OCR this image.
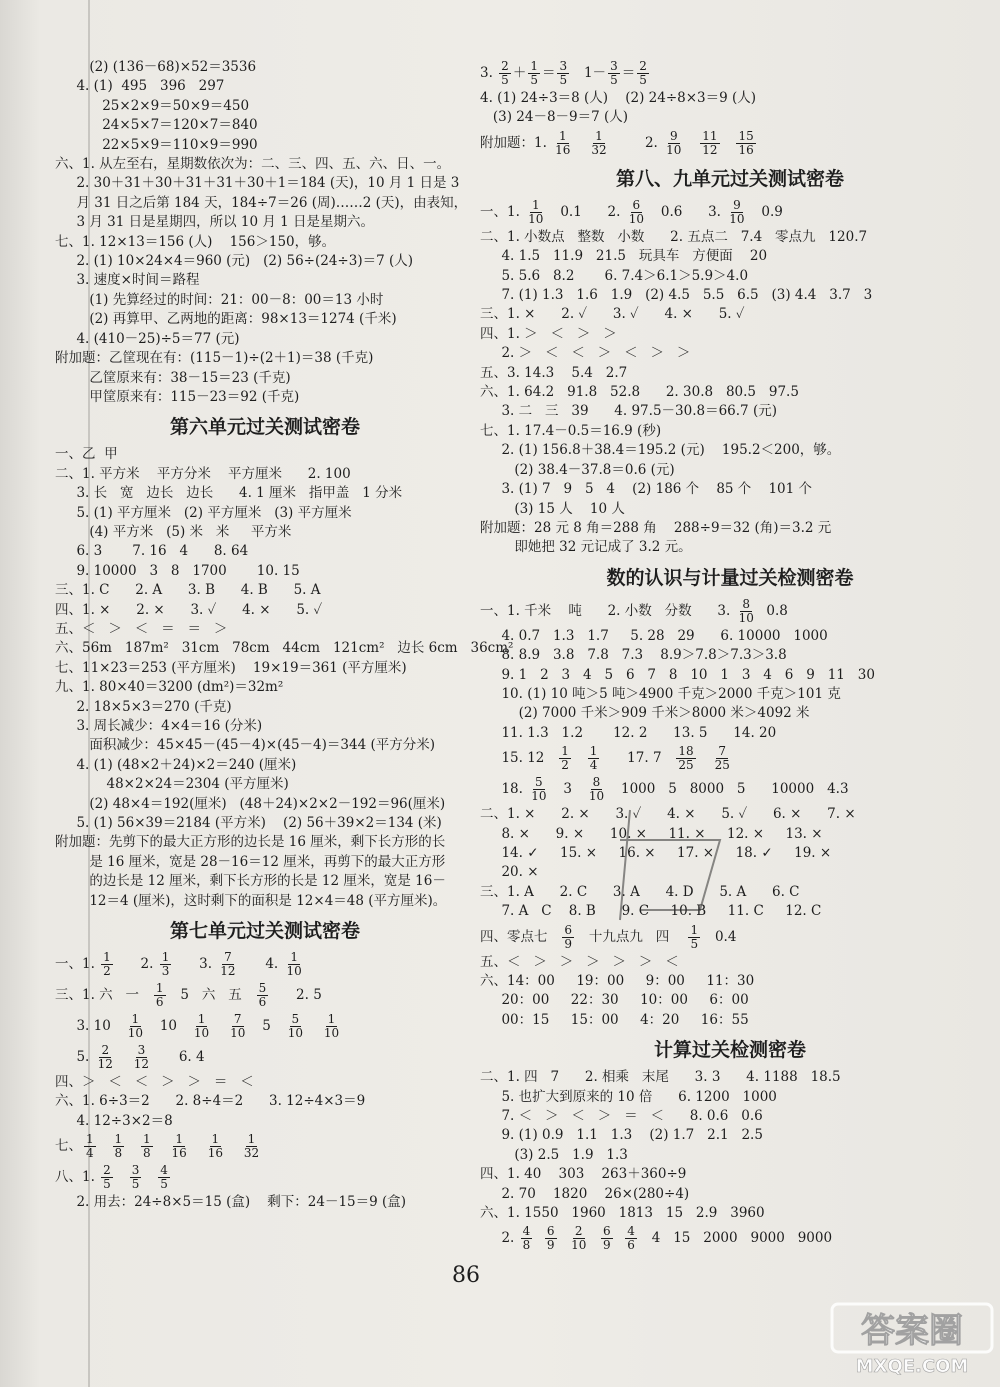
(2) (136－68)×52＝3536
4. (1)  495   396   297
25×2×9＝50×9＝450
24×5×7＝120×7＝840
22×5×9＝110×9＝990
六、1. 从左至右，星期数依次为：二、三、四、五、六、日、一。
2. 30＋31＋30＋31＋31＋30＋1＝184 (天)，10 月 1 日是 3
月 31 日之后第 184 天，184÷7＝26 (周)……2 (天)，由表知，
3 月 31 日是星期四，所以 10 月 1 日是星期六。
七、1. 12×13＝156 (人)    156＞150，够。
2. (1) 10×24×4＝960 (元)   (2) 56÷(24÷3)＝7 (人)
3. 速度×时间＝路程
(1) 先算经过的时间：21：00－8：00＝13 小时
(2) 再算甲、乙两地的距离：98×13＝1274 (千米)
4. (410－25)÷5＝77 (元)
附加题：乙筐现在有：(115－1)÷(2＋1)＝38 (千克)
乙筐原来有：38－15＝23 (千克)
甲筐原来有：115－23＝92 (千克)
第六单元过关测试密卷
一、乙  甲
二、1. 平方米    平方分米    平方厘米      2. 100
3. 长   宽   边长   边长      4. 1 厘米   指甲盖   1 分米
5. (1) 平方厘米   (2) 平方厘米   (3) 平方厘米
(4) 平方米   (5) 米   米     平方米
6. 3       7. 16   4      8. 64
9. 10000   3   8   1700       10. 15
三、1. C      2. A      3. B      4. B      5. A
四、1. ×      2. ×      3. ✓      4. ×      5. ✓
五、＜   ＞   ＜   ＝   ＝   ＞
六、56m   187m²   31cm   78cm   44cm   121cm²   边长 6cm   36cm²
七、11×23＝253 (平方厘米)    19×19＝361 (平方厘米)
九、1. 80×40＝3200 (dm²)＝32m²
2. 18×5×3＝270 (千克)
3. 周长减少：4×4＝16 (分米)
面积减少：45×45－(45－4)×(45－4)＝344 (平方分米)
4. (1) (48×2＋24)×2＝240 (厘米)
48×2×24＝2304 (平方厘米)
(2) 48×4＝192(厘米)   (48＋24)×2×2－192＝96(厘米)
5. (1) 56×39＝2184 (平方米)    (2) 56＋39×2＝134 (米)
附加题：先剪下的最大正方形的边长是 16 厘米，剩下长方形的长
是 16 厘米，宽是 28－16＝12 厘米，再剪下的最大正方形
的边长是 12 厘米，剩下长方形的长是 12 厘米，宽是 16－
12＝4 (厘米)，这时剩下的面积是 12×4＝48 (平方厘米)。
第七单元过关测试密卷
一、1. $\frac{1}{2} 2$. $\frac{1}{3} 3$. $\frac{7}{12} 4$. $\frac{1}{10}$
三、1. 六   一 $\frac{1}{6} 5$   六   五 $\frac{5}{6} 2$. 5
3. $10 \frac{1}{10} 10 \frac{1}{10}$
$\frac{7}{10} 5 \frac{5}{10}$
$\frac{1}{10}$
5. $\frac{2}{12}$
$\frac{3}{12} 6$. 4
四、＞   ＜   ＜   ＞   ＞   ＝   ＜
六、1. 6÷3＝2      2. 8÷4＝2      3. 12÷4×3＝9
4. 12÷3×2＝8
七、 $\frac{1}{4}$
$\frac{1}{8}$
$\frac{1}{8}$
$\frac{1}{16}$
$\frac{1}{16}$
$\frac{1}{32}$
八、1. $\frac{2}{5}$
$\frac{3}{5}$
$\frac{4}{5}$
2. 用去：24÷8×5＝15 (盒)    剩下：24－15＝9 (盒)
3. $\frac{2}{5} + \frac{1}{5} = \frac{3}{5} 1- \frac{3}{5} = \frac{2}{5}$
4. (1) 24÷3＝8 (人)    (2) 24÷8×3＝9 (人)
(3) 24－8－9＝7 (人)
附加题：1. $\frac{1}{16}$
$\frac{1}{32} 2$. $\frac{9}{10}$
$\frac{11}{12}$
$\frac{15}{16}$
第八、九单元过关测试密卷
一、1. $\frac{1}{10} 0.1$      2. $\frac{6}{10} 0.6$      3. $\frac{9}{10} 0.9$
二、1. 小数点   整数   小数      2. 五点二   7.4   零点九   120.7
4. 1.5   11.9   21.5   玩具车   方便面    20
5. 5.6   8.2       6. 7.4＞6.1＞5.9＞4.0
7. (1) 1.3   1.6   1.9   (2) 4.5   5.5   6.5   (3) 4.4   3.7   3
三、1. ×      2. ✓      3. ✓      4. ×      5. ✓
四、1. ＞   ＜   ＞   ＞
2. ＞   ＜   ＜   ＞   ＜   ＞   ＞
五、3. 14.3    5.4   2.7
六、1. 64.2   91.8   52.8      2. 30.8   80.5   97.5
3. 二   三   39      4. 97.5－30.8＝66.7 (元)
七、1. 17.4－0.5＝16.9 (秒)
2. (1) 156.8＋38.4＝195.2 (元)    195.2＜200，够。
(2) 38.4－37.8＝0.6 (元)
3. (1) 7   9   5   4    (2) 186 个    85 个    101 个
(3) 15 人    10 人
附加题：28 元 8 角＝288 角    288÷9＝32 (角)＝3.2 元
即她把 32 元记成了 3.2 元。
数的认识与计量过关检测密卷
一、1. 千米    吨      2. 小数   分数      3. $\frac{8}{10} 0.8$
4. 0.7   1.3   1.7     5. 28   29      6. 10000   1000
8. 8.9   3.8   7.8   7.3    8.9＞7.8＞7.3＞3.8
9. 1   2   3   4   5   6   7   8   10   1   3   4   6   9   11   30
10. (1) 10 吨＞5 吨＞4900 千克＞2000 千克＞101 克
(2) 7000 千米＞909 千米＞8000 米＞4092 米
11. 1.3   1.2       12. 2      13. 5      14. 20
15. $12 \frac{1}{2}$
$\frac{1}{4} 17$. $7 \frac{18}{25}$
$\frac{7}{25}$
18. $\frac{5}{10} 3 \frac{8}{10} 1000$   5   8000   5      10000   4.3
二、1. ×      2. ×      3. ✓      4. ×      5. ✓      6. ×      7. ×
8. ×      9. ×      10. ×     11. ×     12. ×     13. ×
14. ✓     15. ×     16. ×     17. ×     18. ✓     19. ×
20. ×
三、1. A      2. C      3. A      4. D      5. A      6. C
7. A   C    8. B      9. C     10. B     11. C     12. C
四、零点七 $\frac{6}{9}$ 十九点九   四 $\frac{1}{5} 0.4$
五、＜   ＞   ＞   ＞   ＞   ＞   ＜
六、14：00     19：00     9：00     11：30
20：00     22：30     10：00     6：00
00：15     15：00     4：20     16：55
计算过关检测密卷
二、1. 四   7      2. 相乘   末尾      3. 3      4. 1188   18.5
5. 也扩大到原来的 10 倍      6. 1200   1000
7. ＜   ＞   ＜   ＞   ＝   ＜      8. 0.6   0.6
9. (1) 0.9   1.1   1.3    (2) 1.7   2.1   2.5
(3) 2.5   1.9   1.3
四、1. 40    303    263＋360÷9
2. 70    1820    26×(280÷4)
六、1. 1550   1960   1813   15   2.9   3960
2. $\frac{4}{8}$
$\frac{6}{9}$
$\frac{2}{10}$
$\frac{6}{9}$
$\frac{4}{6} 4$   15   2000   9000   9000
86
答案圈
MXQE.COM
